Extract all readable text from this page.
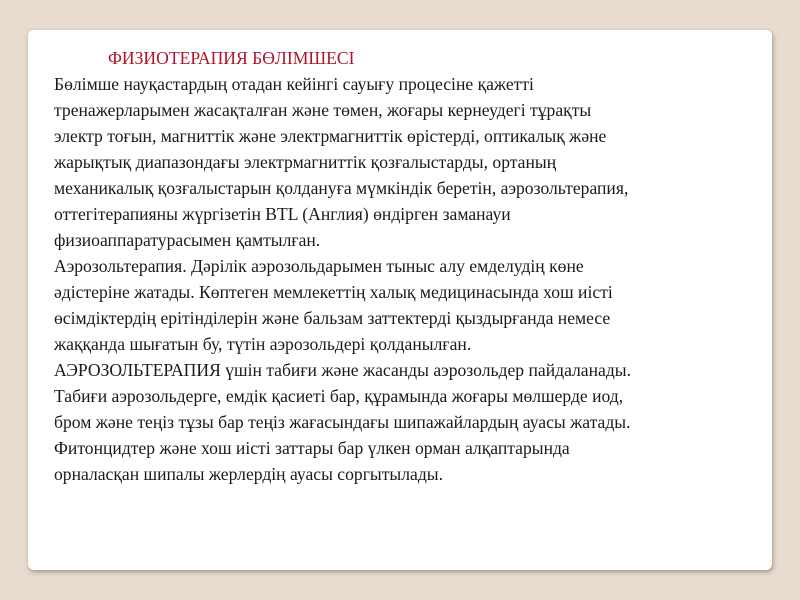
ФИЗИОТЕРАПИЯ БӨЛІМШЕСІ

Бөлімше науқастардың отадан кейінгі сауығу процесіне қажетті
тренажерларымен жасақталған және төмен, жоғары кернеудегі тұрақты
электр тоғын, магниттік және электрмагниттік өрістерді, оптикалық және
жарықтық диапазондағы электрмагниттік қозғалыстарды, ортаның
механикалық қозғалыстарын қолдануға мүмкіндік беретін, аэрозольтерапия,
оттегітерапияны жүргізетін BTL (Англия) өндірген заманауи
физиоаппаратурасымен қамтылған.

Аэрозольтерапия. Дәрілік аэрозольдарымен тыныс алу емделудің көне
әдістеріне жатады. Көптеген мемлекеттің халық медицинасында хош иісті
өсімдіктердің ерітінділерін және бальзам заттектерді қыздырғанда немесе
жаққанда шығатын бу, түтін аэрозольдері қолданылған.

АЭРОЗОЛЬТЕРАПИЯ үшін табиғи және жасанды аэрозольдер пайдаланады.
Табиғи аэрозольдерге, емдік қасиеті бар, құрамында жоғары мөлшерде иод,
бром және теңіз тұзы бар теңіз жағасындағы шипажайлардың ауасы жатады.
Фитонцидтер және хош иісті заттары бар үлкен орман алқаптарында
орналасқан шипалы жерлердің ауасы соргытылады.
